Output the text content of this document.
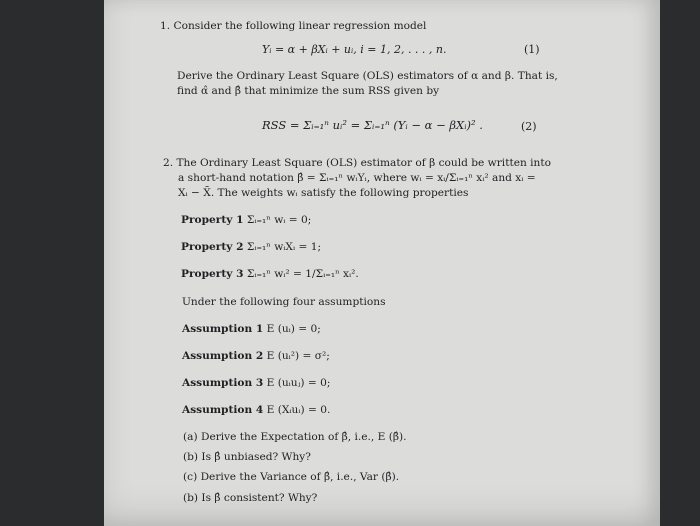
1. Consider the following linear regression model
Yᵢ = α + βXᵢ + uᵢ, i = 1, 2, . . . , n.	(1)
Derive the Ordinary Least Square (OLS) estimators of α and β. That is,
find α̂ and β̂ that minimize the sum RSS given by
RSS = Σᵢ₌₁ⁿ uᵢ² = Σᵢ₌₁ⁿ (Yᵢ − α − βXᵢ)² .	(2)
2. The Ordinary Least Square (OLS) estimator of β could be written into
a short-hand notation β̂ = Σᵢ₌₁ⁿ wᵢYᵢ, where wᵢ = xᵢ/Σᵢ₌₁ⁿ xᵢ² and xᵢ =
Xᵢ − X̄. The weights wᵢ satisfy the following properties
Property 1 Σᵢ₌₁ⁿ wᵢ = 0;
Property 2 Σᵢ₌₁ⁿ wᵢXᵢ = 1;
Property 3 Σᵢ₌₁ⁿ wᵢ² = 1/Σᵢ₌₁ⁿ xᵢ².
Under the following four assumptions
Assumption 1 E (uᵢ) = 0;
Assumption 2 E (uᵢ²) = σ²;
Assumption 3 E (uᵢuⱼ) = 0;
Assumption 4 E (Xᵢuᵢ) = 0.
(a) Derive the Expectation of β̂, i.e., E (β̂).
(b) Is β̂ unbiased? Why?
(c) Derive the Variance of β̂, i.e., Var (β̂).
(b) Is β̂ consistent? Why?
